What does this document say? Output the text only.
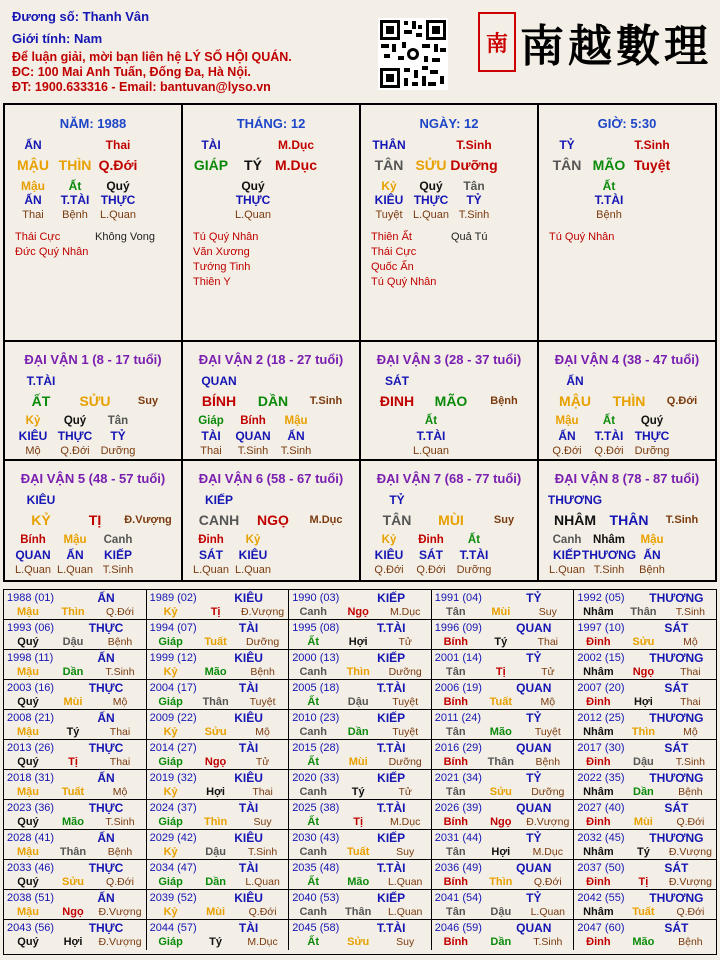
Đương số: Thanh Vân
Giới tính: Nam
Để luận giải, mời bạn liên hệ LÝ SỐ HỘI QUÁN.
ĐC: 100 Mai Anh Tuấn, Đống Đa, Hà Nội.
ĐT: 1900.633316 - Email: bantuvan@lyso.vn
南 南越數理
NĂM: 1988
ẤN	Thai
MẬU THÌN Q.Đới
Mậu	Ất	Quý
ẤN	T.TÀI THỰC
Thai	Bệnh	L.Quan
Thái Cực
Đức Quý Nhân
Không Vong
THÁNG: 12
TÀI	M.Dục
GIÁP	TÝ M.Dục
Quý
THỰC
L.Quan
Tú Quý Nhân
Văn Xương
Tướng Tinh
Thiên Y
NGÀY: 12
THÂN	T.Sinh
TÂN SỬU Dưỡng
Kỷ	Quý	Tân
KIÊU THỰC	TỶ
Tuyệt L.Quan T.Sinh
Thiên Ất
Thái Cực
Quốc Ấn
Tú Quý Nhân
Quả Tú
GIỜ: 5:30
TỶ	T.Sinh
TÂN MÃO Tuyệt
Ất
T.TÀI
Bệnh
Tú Quý Nhân
ĐẠI VẬN 1 (8 - 17 tuổi)
T.TÀI
ẤT	SỬU	Suy
Kỷ	Quý	Tân
KIÊU THỰC	TỶ
Mộ	Q.Đới	Dưỡng
ĐẠI VẬN 2 (18 - 27 tuổi)
QUAN
BÍNH	DẦN	T.Sinh
Giáp	Bính	Mậu
TÀI	QUAN	ẤN
Thai	T.Sinh	T.Sinh
ĐẠI VẬN 3 (28 - 37 tuổi)
SÁT
ĐINH	MÃO	Bệnh
Ất
T.TÀI
L.Quan
ĐẠI VẬN 4 (38 - 47 tuổi)
ẤN
MẬU	THÌN	Q.Đới
Mậu	Ất	Quý
ẤN	T.TÀI THỰC
Q.Đới	Q.Đới	Dưỡng
ĐẠI VẬN 5 (48 - 57 tuổi)
KIÊU
KỶ	TỊ	Đ.Vượng
Bính	Mậu	Canh
QUAN	ẤN	KIẾP
L.Quan L.Quan T.Sinh
ĐẠI VẬN 6 (58 - 67 tuổi)
KIẾP
CANH	NGỌ	M.Dục
Đinh	Kỷ
SÁT	KIÊU
L.Quan L.Quan
ĐẠI VẬN 7 (68 - 77 tuổi)
TỶ
TÂN	MÙI	Suy
Kỷ	Đinh	Ất
KIÊU	SÁT	T.TÀI
Q.Đới	Q.Đới	Dưỡng
ĐẠI VẬN 8 (78 - 87 tuổi)
THƯƠNG
NHÂM THÂN	T.Sinh
Canh	Nhâm	Mậu
KIẾP THƯƠNG ẤN
L.Quan T.Sinh	Bệnh
1988 (01)	ẤN
Mậu	Thìn	Q.Đới
1989 (02)	KIÊU
Kỷ	Tị	Đ.Vượng
1990 (03)	KIẾP
Canh	Ngọ	M.Dục
1991 (04)	TỶ
Tân	Mùi	Suy
1992 (05)	THƯƠNG
Nhâm	Thân	T.Sinh
1993 (06)	THỰC
Quý	Dậu	Bệnh
1994 (07)	TÀI
Giáp	Tuất	Dưỡng
1995 (08)	T.TÀI
Ất	Hợi	Tử
1996 (09)	QUAN
Bính	Tý	Thai
1997 (10)	SÁT
Đinh	Sửu	Mộ
1998 (11)	ẤN
Mậu	Dần	T.Sinh
1999 (12)	KIÊU
Kỷ	Mão	Bệnh
2000 (13)	KIẾP
Canh	Thìn	Dưỡng
2001 (14)	TỶ
Tân	Tị	Tử
2002 (15)	THƯƠNG
Nhâm	Ngọ	Thai
2003 (16)	THỰC
Quý	Mùi	Mộ
2004 (17)	TÀI
Giáp	Thân	Tuyệt
2005 (18)	T.TÀI
Ất	Dậu	Tuyệt
2006 (19)	QUAN
Bính	Tuất	Mộ
2007 (20)	SÁT
Đinh	Hợi	Thai
2008 (21)	ẤN
Mậu	Tý	Thai
2009 (22)	KIÊU
Kỷ	Sửu	Mộ
2010 (23)	KIẾP
Canh	Dần	Tuyệt
2011 (24)	TỶ
Tân	Mão	Tuyệt
2012 (25)	THƯƠNG
Nhâm	Thìn	Mộ
2013 (26)	THỰC
Quý	Tị	Thai
2014 (27)	TÀI
Giáp	Ngọ	Tử
2015 (28)	T.TÀI
Ất	Mùi	Dưỡng
2016 (29)	QUAN
Bính	Thân	Bệnh
2017 (30)	SÁT
Đinh	Dậu	T.Sinh
2018 (31)	ẤN
Mậu	Tuất	Mộ
2019 (32)	KIÊU
Kỷ	Hợi	Thai
2020 (33)	KIẾP
Canh	Tý	Tử
2021 (34)	TỶ
Tân	Sửu	Dưỡng
2022 (35)	THƯƠNG
Nhâm	Dần	Bệnh
2023 (36)	THỰC
Quý	Mão	T.Sinh
2024 (37)	TÀI
Giáp	Thìn	Suy
2025 (38)	T.TÀI
Ất	Tị	M.Dục
2026 (39)	QUAN
Bính	Ngọ	Đ.Vượng
2027 (40)	SÁT
Đinh	Mùi	Q.Đới
2028 (41)	ẤN
Mậu	Thân	Bệnh
2029 (42)	KIÊU
Kỷ	Dậu	T.Sinh
2030 (43)	KIẾP
Canh	Tuất	Suy
2031 (44)	TỶ
Tân	Hợi	M.Dục
2032 (45)	THƯƠNG
Nhâm	Tý	Đ.Vượng
2033 (46)	THỰC
Quý	Sửu	Q.Đới
2034 (47)	TÀI
Giáp	Dần	L.Quan
2035 (48)	T.TÀI
Ất	Mão	L.Quan
2036 (49)	QUAN
Bính	Thìn	Q.Đới
2037 (50)	SÁT
Đinh	Tị	Đ.Vượng
2038 (51)	ẤN
Mậu	Ngọ	Đ.Vượng
2039 (52)	KIÊU
Kỷ	Mùi	Q.Đới
2040 (53)	KIẾP
Canh	Thân	L.Quan
2041 (54)	TỶ
Tân	Dậu	L.Quan
2042 (55)	THƯƠNG
Nhâm	Tuất	Q.Đới
2043 (56)	THỰC
Quý	Hợi	Đ.Vượng
2044 (57)	TÀI
Giáp	Tý	M.Dục
2045 (58)	T.TÀI
Ất	Sửu	Suy
2046 (59)	QUAN
Bính	Dần	T.Sinh
2047 (60)	SÁT
Đinh	Mão	Bệnh
